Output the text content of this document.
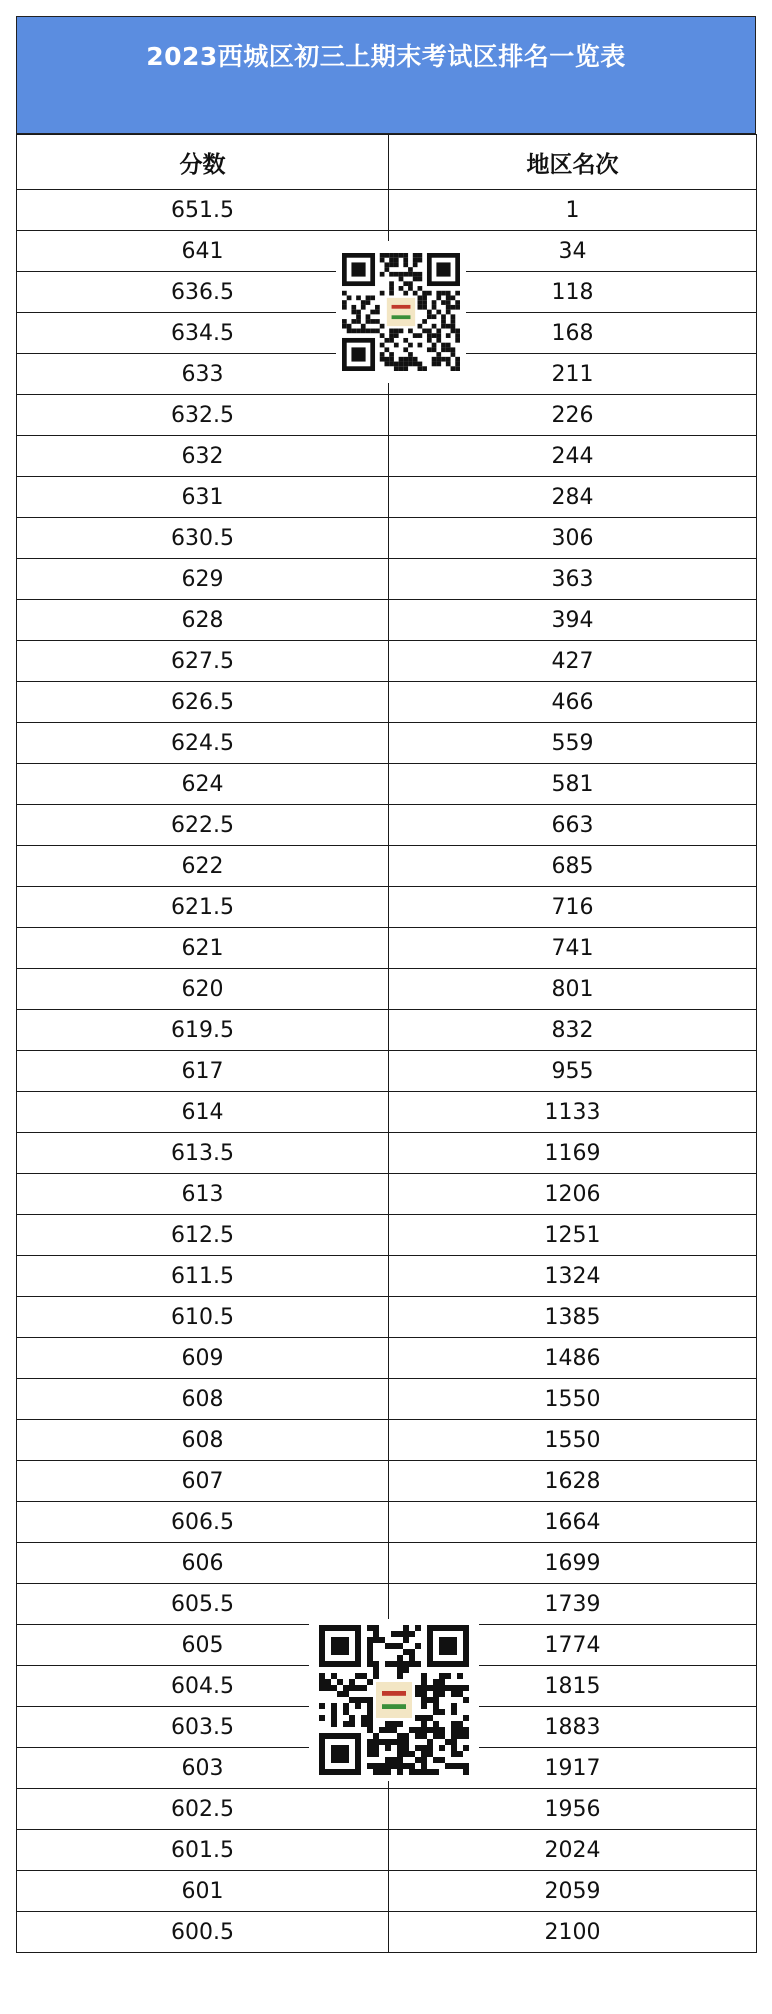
2023西城区初三上期末考试区排名一览表
分数	地区名次
651.5	1
641	34
636.5	118
634.5	168
633	211
632.5	226
632	244
631	284
630.5	306
629	363
628	394
627.5	427
626.5	466
624.5	559
624	581
622.5	663
622	685
621.5	716
621	741
620	801
619.5	832
617	955
614	1133
613.5	1169
613	1206
612.5	1251
611.5	1324
610.5	1385
609	1486
608	1550
608	1550
607	1628
606.5	1664
606	1699
605.5	1739
605	1774
604.5	1815
603.5	1883
603	1917
602.5	1956
601.5	2024
601	2059
600.5	2100
